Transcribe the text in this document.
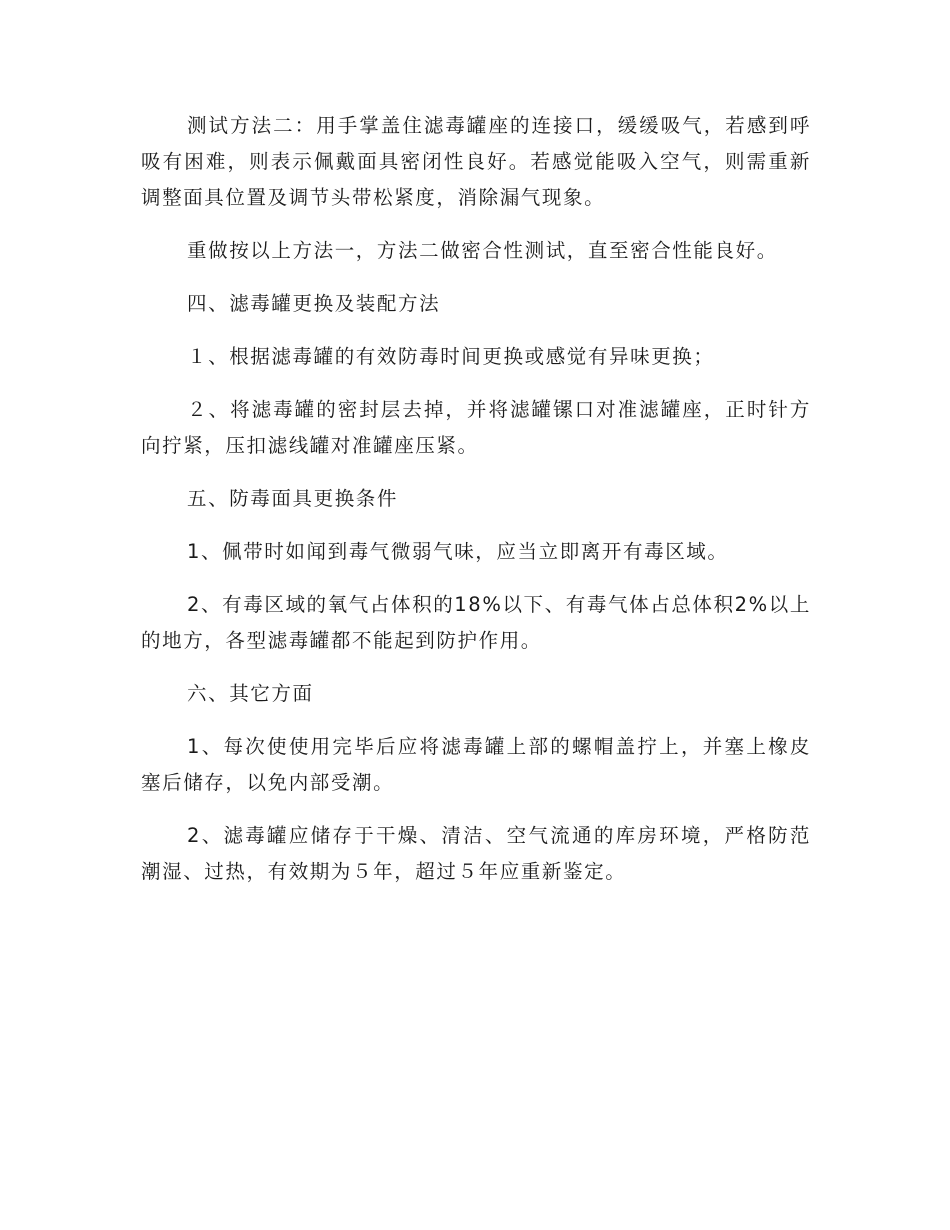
测试方法二：用手掌盖住滤毒罐座的连接口，缓缓吸气，若感到呼吸有困难，则表示佩戴面具密闭性良好。若感觉能吸入空气，则需重新调整面具位置及调节头带松紧度，消除漏气现象。

重做按以上方法一，方法二做密合性测试，直至密合性能良好。

四、滤毒罐更换及装配方法

１、根据滤毒罐的有效防毒时间更换或感觉有异味更换；

２、将滤毒罐的密封层去掉，并将滤罐镙口对准滤罐座，正时针方向拧紧，压扣滤线罐对准罐座压紧。

五、防毒面具更换条件

1、佩带时如闻到毒气微弱气味，应当立即离开有毒区域。

2、有毒区域的氧气占体积的18%以下、有毒气体占总体积2%以上的地方，各型滤毒罐都不能起到防护作用。

六、其它方面

1、每次使使用完毕后应将滤毒罐上部的螺帽盖拧上，并塞上橡皮塞后储存，以免内部受潮。

2、滤毒罐应储存于干燥、清洁、空气流通的库房环境，严格防范潮湿、过热，有效期为５年，超过５年应重新鉴定。
